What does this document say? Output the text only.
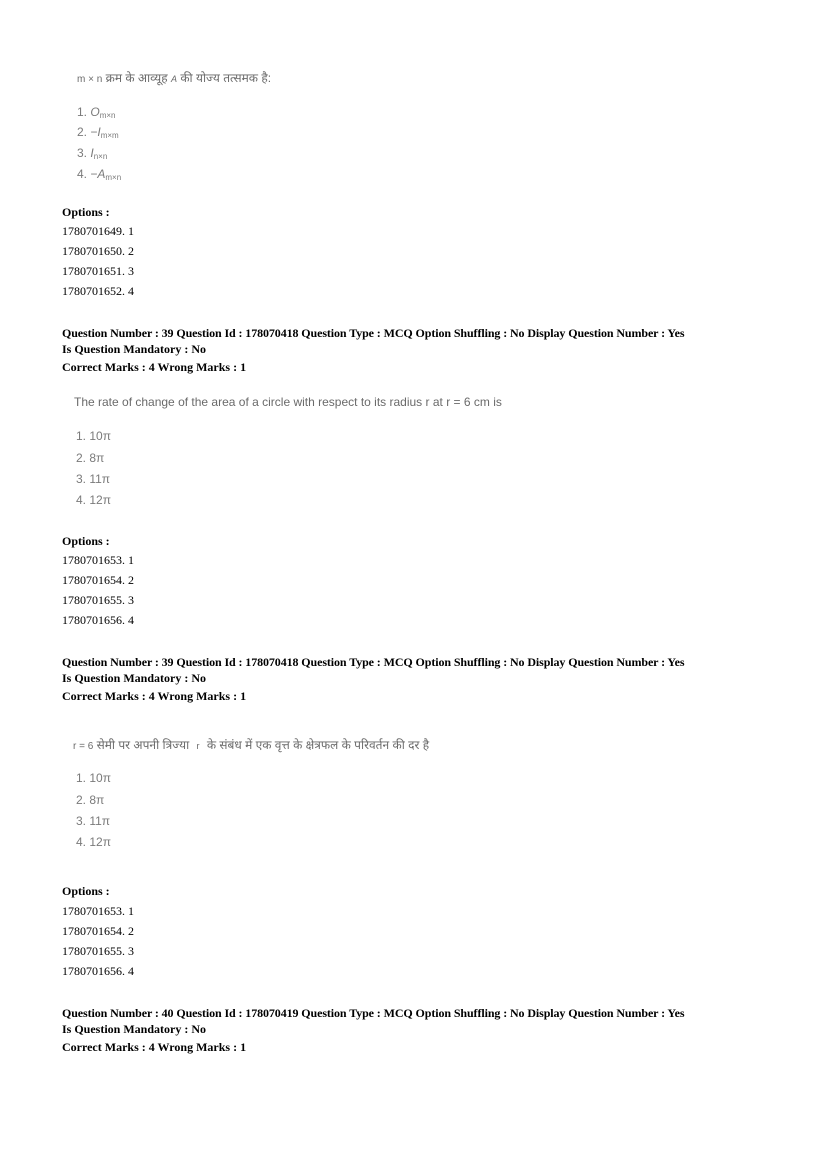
m × n क्रम के आव्यूह A की योज्य तत्समक है:
1. $O_{m\times n}$
2. $-I_{m\times m}$
3. $I_{n\times n}$
4. $-A_{m\times n}$
Options :
1780701649. 1
1780701650. 2
1780701651. 3
1780701652. 4
Question Number : 39 Question Id : 178070418 Question Type : MCQ Option Shuffling : No Display Question Number : Yes
Is Question Mandatory : No
Correct Marks : 4 Wrong Marks : 1
The rate of change of the area of a circle with respect to its radius r at r = 6 cm is
1. 10π
2. 8π
3. 11π
4. 12π
Options :
1780701653. 1
1780701654. 2
1780701655. 3
1780701656. 4
Question Number : 39 Question Id : 178070418 Question Type : MCQ Option Shuffling : No Display Question Number : Yes
Is Question Mandatory : No
Correct Marks : 4 Wrong Marks : 1
r = 6 सेमी पर अपनी त्रिज्या r के संबंध में एक वृत्त के क्षेत्रफल के परिवर्तन की दर है
1. 10π
2. 8π
3. 11π
4. 12π
Options :
1780701653. 1
1780701654. 2
1780701655. 3
1780701656. 4
Question Number : 40 Question Id : 178070419 Question Type : MCQ Option Shuffling : No Display Question Number : Yes
Is Question Mandatory : No
Correct Marks : 4 Wrong Marks : 1
